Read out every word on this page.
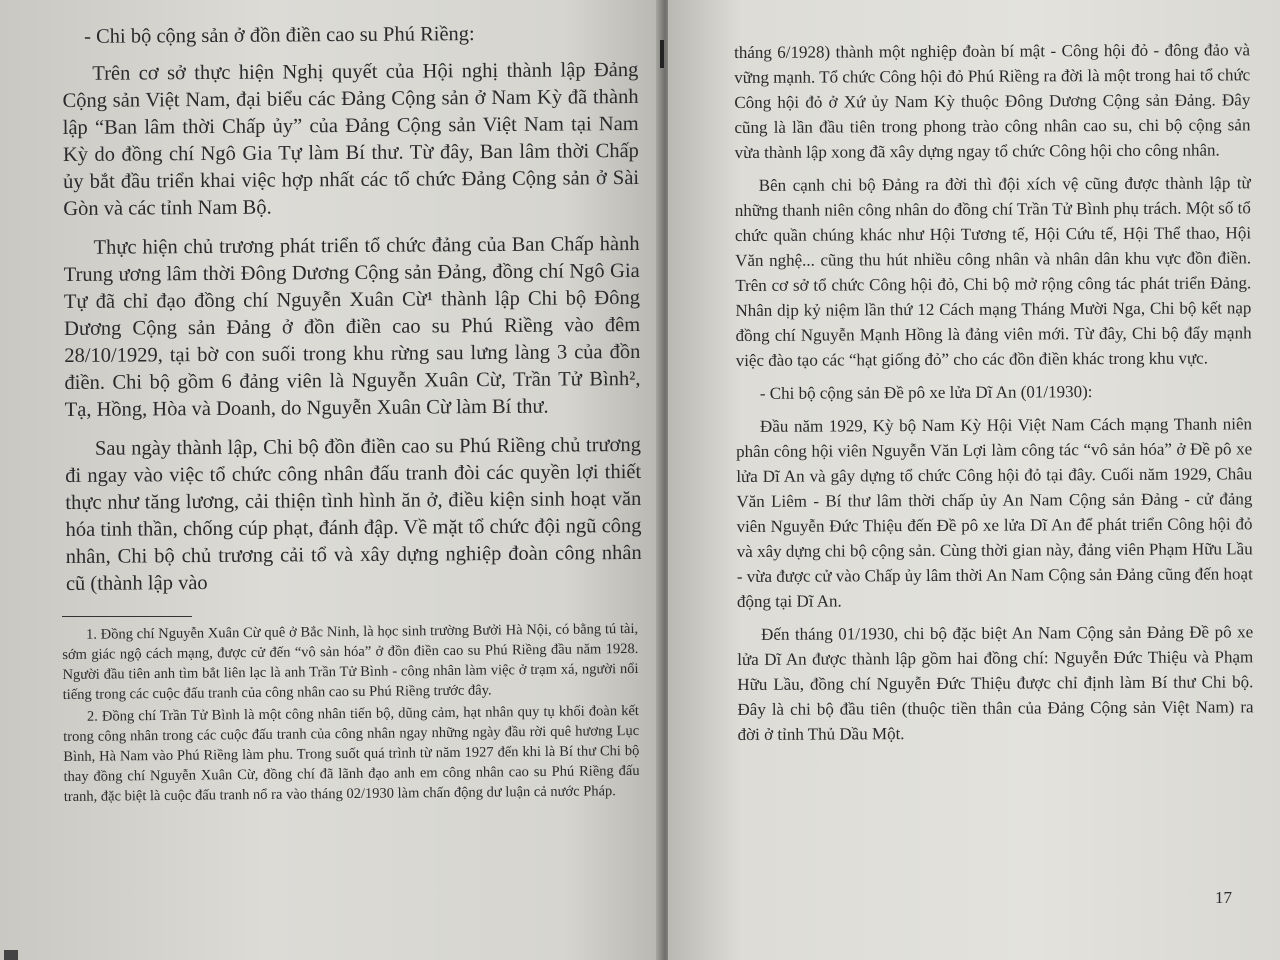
- Chi bộ cộng sản ở đồn điền cao su Phú Riềng:

Trên cơ sở thực hiện Nghị quyết của Hội nghị thành lập Đảng Cộng sản Việt Nam, đại biểu các Đảng Cộng sản ở Nam Kỳ đã thành lập “Ban lâm thời Chấp ủy” của Đảng Cộng sản Việt Nam tại Nam Kỳ do đồng chí Ngô Gia Tự làm Bí thư. Từ đây, Ban lâm thời Chấp ủy bắt đầu triển khai việc hợp nhất các tổ chức Đảng Cộng sản ở Sài Gòn và các tỉnh Nam Bộ.

Thực hiện chủ trương phát triển tổ chức đảng của Ban Chấp hành Trung ương lâm thời Đông Dương Cộng sản Đảng, đồng chí Ngô Gia Tự đã chỉ đạo đồng chí Nguyễn Xuân Cừ¹ thành lập Chi bộ Đông Dương Cộng sản Đảng ở đồn điền cao su Phú Riềng vào đêm 28/10/1929, tại bờ con suối trong khu rừng sau lưng làng 3 của đồn điền. Chi bộ gồm 6 đảng viên là Nguyễn Xuân Cừ, Trần Tử Bình², Tạ, Hồng, Hòa và Doanh, do Nguyễn Xuân Cừ làm Bí thư.

Sau ngày thành lập, Chi bộ đồn điền cao su Phú Riềng chủ trương đi ngay vào việc tổ chức công nhân đấu tranh đòi các quyền lợi thiết thực như tăng lương, cải thiện tình hình ăn ở, điều kiện sinh hoạt văn hóa tinh thần, chống cúp phạt, đánh đập. Về mặt tổ chức đội ngũ công nhân, Chi bộ chủ trương cải tổ và xây dựng nghiệp đoàn công nhân cũ (thành lập vào

1. Đồng chí Nguyễn Xuân Cừ quê ở Bắc Ninh, là học sinh trường Bưởi Hà Nội, có bằng tú tài, sớm giác ngộ cách mạng, được cử đến “vô sản hóa” ở đồn điền cao su Phú Riềng đầu năm 1928. Người đầu tiên anh tìm bắt liên lạc là anh Trần Tử Bình - công nhân làm việc ở trạm xá, người nổi tiếng trong các cuộc đấu tranh của công nhân cao su Phú Riềng trước đây.

2. Đồng chí Trần Tử Bình là một công nhân tiến bộ, dũng cảm, hạt nhân quy tụ khối đoàn kết trong công nhân trong các cuộc đấu tranh của công nhân ngay những ngày đầu rời quê hương Lục Bình, Hà Nam vào Phú Riềng làm phu. Trong suốt quá trình từ năm 1927 đến khi là Bí thư Chi bộ thay đồng chí Nguyễn Xuân Cừ, đồng chí đã lãnh đạo anh em công nhân cao su Phú Riềng đấu tranh, đặc biệt là cuộc đấu tranh nổ ra vào tháng 02/1930 làm chấn động dư luận cả nước Pháp.

tháng 6/1928) thành một nghiệp đoàn bí mật - Công hội đỏ - đông đảo và vững mạnh. Tổ chức Công hội đỏ Phú Riềng ra đời là một trong hai tổ chức Công hội đỏ ở Xứ ủy Nam Kỳ thuộc Đông Dương Cộng sản Đảng. Đây cũng là lần đầu tiên trong phong trào công nhân cao su, chi bộ cộng sản vừa thành lập xong đã xây dựng ngay tổ chức Công hội cho công nhân.

Bên cạnh chi bộ Đảng ra đời thì đội xích vệ cũng được thành lập từ những thanh niên công nhân do đồng chí Trần Tử Bình phụ trách. Một số tổ chức quần chúng khác như Hội Tương tế, Hội Cứu tế, Hội Thể thao, Hội Văn nghệ... cũng thu hút nhiều công nhân và nhân dân khu vực đồn điền. Trên cơ sở tổ chức Công hội đỏ, Chi bộ mở rộng công tác phát triển Đảng. Nhân dịp kỷ niệm lần thứ 12 Cách mạng Tháng Mười Nga, Chi bộ kết nạp đồng chí Nguyễn Mạnh Hồng là đảng viên mới. Từ đây, Chi bộ đẩy mạnh việc đào tạo các “hạt giống đỏ” cho các đồn điền khác trong khu vực.

- Chi bộ cộng sản Đề pô xe lửa Dĩ An (01/1930):

Đầu năm 1929, Kỳ bộ Nam Kỳ Hội Việt Nam Cách mạng Thanh niên phân công hội viên Nguyễn Văn Lợi làm công tác “vô sản hóa” ở Đề pô xe lửa Dĩ An và gây dựng tổ chức Công hội đỏ tại đây. Cuối năm 1929, Châu Văn Liêm - Bí thư lâm thời chấp ủy An Nam Cộng sản Đảng - cử đảng viên Nguyễn Đức Thiệu đến Đề pô xe lửa Dĩ An để phát triển Công hội đỏ và xây dựng chi bộ cộng sản. Cùng thời gian này, đảng viên Phạm Hữu Lầu - vừa được cử vào Chấp ủy lâm thời An Nam Cộng sản Đảng cũng đến hoạt động tại Dĩ An.

Đến tháng 01/1930, chi bộ đặc biệt An Nam Cộng sản Đảng Đề pô xe lửa Dĩ An được thành lập gồm hai đồng chí: Nguyễn Đức Thiệu và Phạm Hữu Lầu, đồng chí Nguyễn Đức Thiệu được chỉ định làm Bí thư Chi bộ. Đây là chi bộ đầu tiên (thuộc tiền thân của Đảng Cộng sản Việt Nam) ra đời ở tỉnh Thủ Dầu Một.

17
